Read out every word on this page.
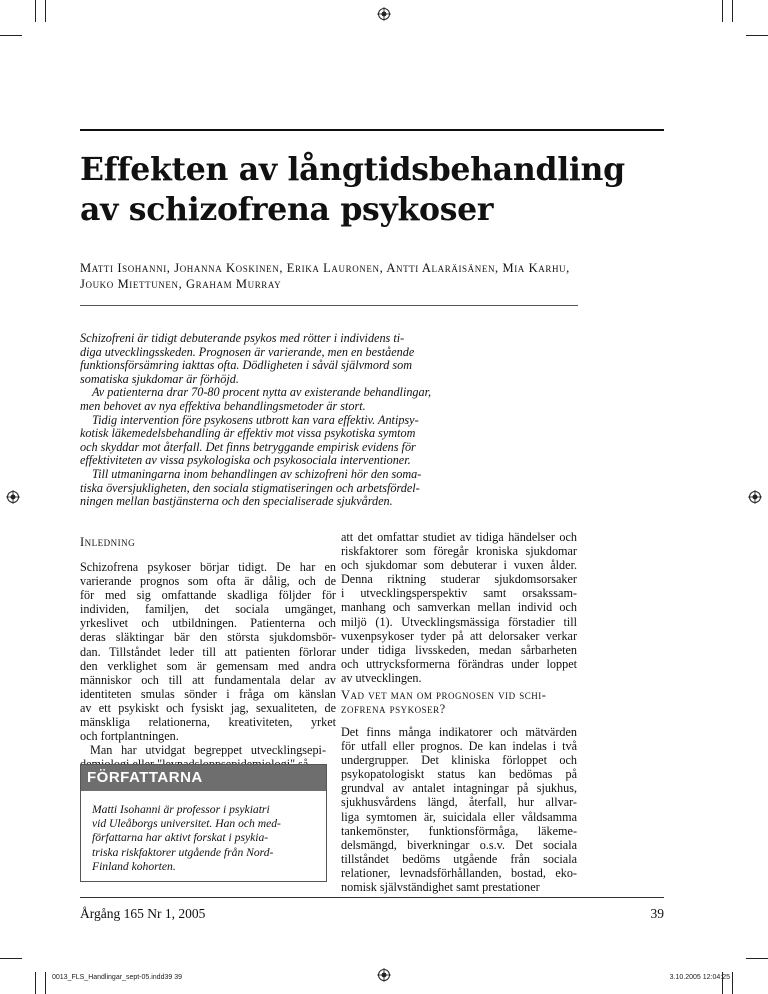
Effekten av långtidsbehandling
av schizofrena psykoser
Matti Isohanni, Johanna Koskinen, Erika Lauronen, Antti Alaräisänen, Mia Karhu,
Jouko Miettunen, Graham Murray
Schizofreni är tidigt debuterande psykos med rötter i individens ti-
diga utvecklingsskeden. Prognosen är varierande, men en bestående
funktionsförsämring iakttas ofta. Dödligheten i såväl självmord som
somatiska sjukdomar är förhöjd.
Av patienterna drar 70-80 procent nytta av existerande behandlingar,
men behovet av nya effektiva behandlingsmetoder är stort.
Tidig intervention före psykosens utbrott kan vara effektiv. Antipsy-
kotisk läkemedelsbehandling är effektiv mot vissa psykotiska symtom
och skyddar mot återfall. Det finns betryggande empirisk evidens för
effektiviteten av vissa psykologiska och psykosociala interventioner.
Till utmaningarna inom behandlingen av schizofreni hör den soma-
tiska översjukligheten, den sociala stigmatiseringen och arbetsfördel-
ningen mellan bastjänsterna och den specialiserade sjukvården.
Inledning
Schizofrena psykoser börjar tidigt. De har en
varierande prognos som ofta är dålig, och de
för med sig omfattande skadliga följder för
individen, familjen, det sociala umgänget,
yrkeslivet och utbildningen. Patienterna och
deras släktingar bär den största sjukdomsbör-
dan. Tillståndet leder till att patienten förlorar
den verklighet som är gemensam med andra
människor och till att fundamentala delar av
identiteten smulas sönder i fråga om känslan
av ett psykiskt och fysiskt jag, sexualiteten, de
mänskliga relationerna, kreativiteten, yrket
och fortplantningen.
Man har utvidgat begreppet utvecklingsepi-
att det omfattar studiet av tidiga händelser och
riskfaktorer som föregår kroniska sjukdomar
och sjukdomar som debuterar i vuxen ålder.
Denna riktning studerar sjukdomsorsaker
i utvecklingsperspektiv samt orsakssam-
manhang och samverkan mellan individ och
miljö (1). Utvecklingsmässiga förstadier till
vuxenpsykoser tyder på att delorsaker verkar
under tidiga livsskeden, medan sårbarheten
och uttrycksformerna förändras under loppet
av utvecklingen.
Vad vet man om prognosen vid schi-
zofrena psykoser?
Det finns många indikatorer och mätvärden
för utfall eller prognos. De kan indelas i två
undergrupper. Det kliniska förloppet och
psykopatologiskt status kan bedömas på
grundval av antalet intagningar på sjukhus,
sjukhusvårdens längd, återfall, hur allvar-
liga symtomen är, suicidala eller våldsamma
tankemönster, funktionsförmåga, läkeme-
delsmängd, biverkningar o.s.v. Det sociala
tillståndet bedöms utgående från sociala
relationer, levnadsförhållanden, bostad, eko-
nomisk självständighet samt prestationer
FÖRFATTARNA
Matti Isohanni är professor i psykiatri
vid Uleåborgs universitet. Han och med-
författarna har aktivt forskat i psykia-
triska riskfaktorer utgående från Nord-
Finland kohorten.
Årgång 165 Nr 1, 2005	39
0013_FLS_Handlingar_sept-05.indd39 39	3.10.2005 12:04:25
